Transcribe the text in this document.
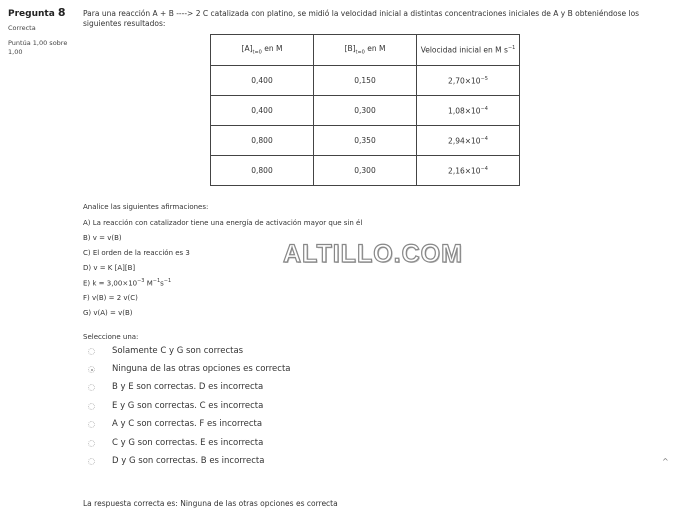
Pregunta 8
Correcta
Puntúa 1,00 sobre 1,00

Para una reacción A + B ----> 2 C catalizada con platino, se midió la velocidad inicial a distintas concentraciones iniciales de A y B obteniéndose los siguientes resultados:

$[A]_{t=0}$ en M	$[B]_{t=0}$ en M	Velocidad inicial en M $s^{-1}$
0,400	0,150	$2,70\times 10^{-5}$
0,400	0,300	$1,08\times 10^{-4}$
0,800	0,350	$2,94\times 10^{-4}$
0,800	0,300	$2,16\times 10^{-4}$
Analice las siguientes afirmaciones:
A) La reacción con catalizador tiene una energía de activación mayor que sin él
B) v = v(B)
C) El orden de la reacción es 3
D) v = K [A][B]
E) $k = 3,00\times 10^{-3}$ $M^{-1}s^{-1}$
F) v(B) = 2 v(C)
G) v(A) = v(B)
Seleccione una:
Solamente C y G son correctas
Ninguna de las otras opciones es correcta
B y E son correctas. D es incorrecta
E y G son correctas. C es incorrecta
A y C son correctas. F es incorrecta
C y G son correctas. E es incorrecta
D y G son correctas. B es incorrecta
ALTILLO.COM
^
La respuesta correcta es: Ninguna de las otras opciones es correcta
